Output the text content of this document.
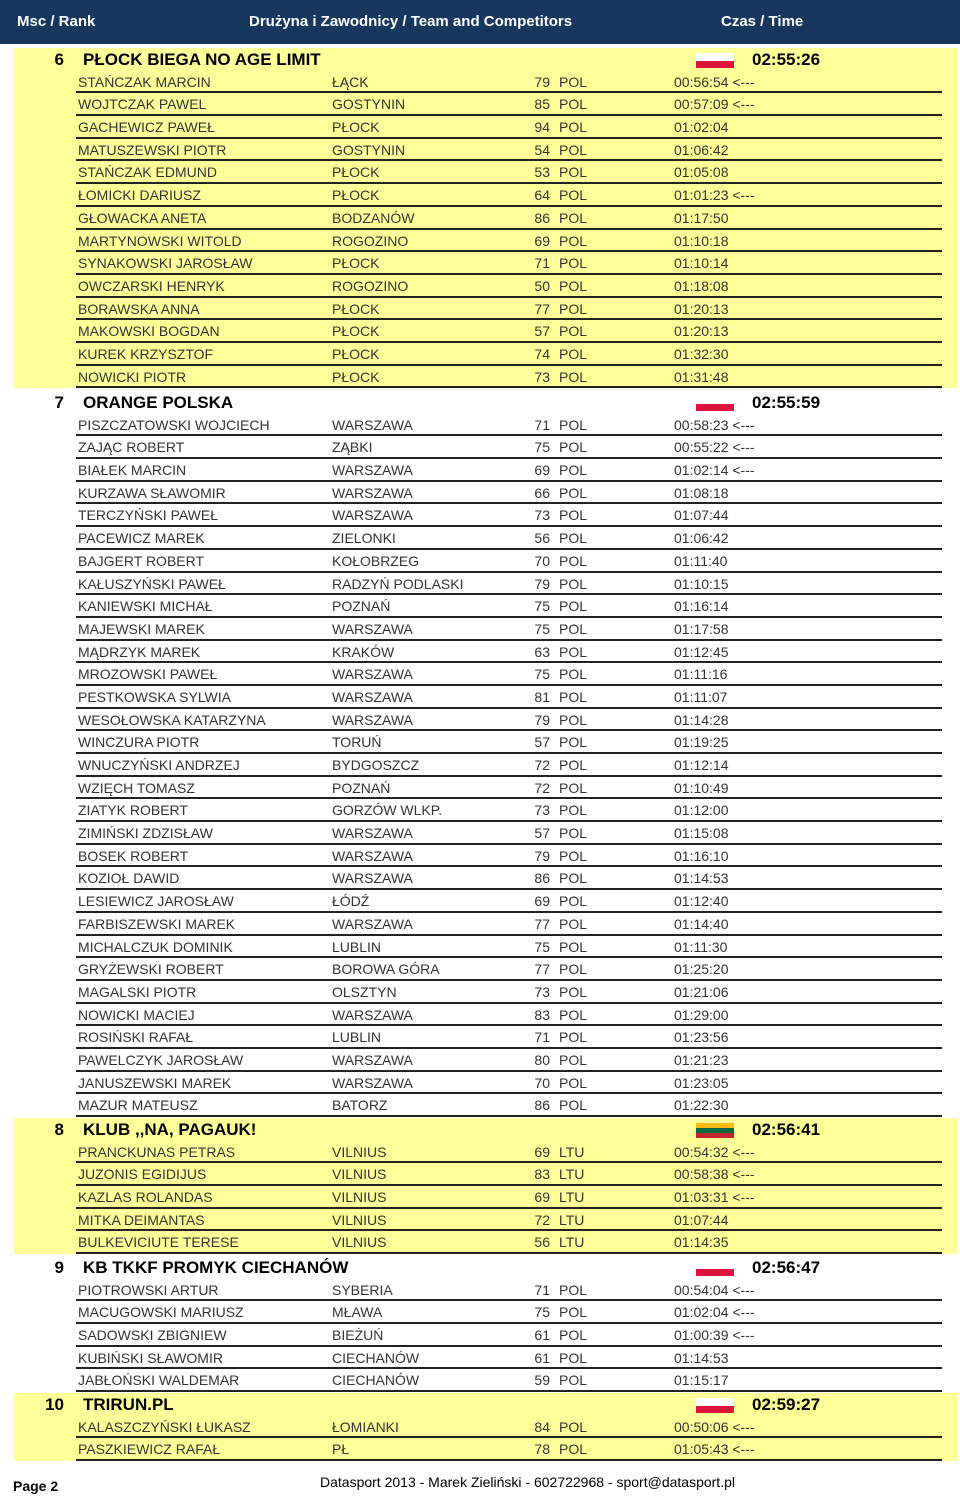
Msc / Rank	Drużyna i Zawodnicy / Team and Competitors	Czas / Time
6 PŁOCK BIEGA NO AGE LIMIT	02:55:26
STAŃCZAK MARCIN	ŁĄCK	79 POL	00:56:54 <---
WOJTCZAK PAWEL	GOSTYNIN	85 POL	00:57:09 <---
GACHEWICZ PAWEŁ	PŁOCK	94 POL	01:02:04
MATUSZEWSKI PIOTR	GOSTYNIN	54 POL	01:06:42
STAŃCZAK EDMUND	PŁOCK	53 POL	01:05:08
ŁOMICKI DARIUSZ	PŁOCK	64 POL	01:01:23 <---
GŁOWACKA ANETA	BODZANÓW	86 POL	01:17:50
MARTYNOWSKI WITOLD	ROGOZINO	69 POL	01:10:18
SYNAKOWSKI JAROSŁAW	PŁOCK	71 POL	01:10:14
OWCZARSKI HENRYK	ROGOZINO	50 POL	01:18:08
BORAWSKA ANNA	PŁOCK	77 POL	01:20:13
MAKOWSKI BOGDAN	PŁOCK	57 POL	01:20:13
KUREK KRZYSZTOF	PŁOCK	74 POL	01:32:30
NOWICKI PIOTR	PŁOCK	73 POL	01:31:48
7 ORANGE POLSKA	02:55:59
PISZCZATOWSKI WOJCIECH	WARSZAWA	71 POL	00:58:23 <---
ZAJĄC ROBERT	ZĄBKI	75 POL	00:55:22 <---
BIAŁEK MARCIN	WARSZAWA	69 POL	01:02:14 <---
KURZAWA SŁAWOMIR	WARSZAWA	66 POL	01:08:18
TERCZYŃSKI PAWEŁ	WARSZAWA	73 POL	01:07:44
PACEWICZ MAREK	ZIELONKI	56 POL	01:06:42
BAJGERT ROBERT	KOŁOBRZEG	70 POL	01:11:40
KAŁUSZYŃSKI PAWEŁ	RADZYŃ PODLASKI	79 POL	01:10:15
KANIEWSKI MICHAŁ	POZNAŃ	75 POL	01:16:14
MAJEWSKI MAREK	WARSZAWA	75 POL	01:17:58
MĄDRZYK MAREK	KRAKÓW	63 POL	01:12:45
MROZOWSKI PAWEŁ	WARSZAWA	75 POL	01:11:16
PESTKOWSKA SYLWIA	WARSZAWA	81 POL	01:11:07
WESOŁOWSKA KATARZYNA	WARSZAWA	79 POL	01:14:28
WINCZURA PIOTR	TORUŃ	57 POL	01:19:25
WNUCZYŃSKI ANDRZEJ	BYDGOSZCZ	72 POL	01:12:14
WZIĘCH TOMASZ	POZNAŃ	72 POL	01:10:49
ZIATYK ROBERT	GORZÓW WLKP.	73 POL	01:12:00
ZIMIŃSKI ZDZISŁAW	WARSZAWA	57 POL	01:15:08
BOSEK ROBERT	WARSZAWA	79 POL	01:16:10
KOZIOŁ DAWID	WARSZAWA	86 POL	01:14:53
LESIEWICZ JAROSŁAW	ŁÓDŹ	69 POL	01:12:40
FARBISZEWSKI MAREK	WARSZAWA	77 POL	01:14:40
MICHALCZUK DOMINIK	LUBLIN	75 POL	01:11:30
GRYŻEWSKI ROBERT	BOROWA GÓRA	77 POL	01:25:20
MAGALSKI PIOTR	OLSZTYN	73 POL	01:21:06
NOWICKI MACIEJ	WARSZAWA	83 POL	01:29:00
ROSIŃSKI RAFAŁ	LUBLIN	71 POL	01:23:56
PAWELCZYK JAROSŁAW	WARSZAWA	80 POL	01:21:23
JANUSZEWSKI MAREK	WARSZAWA	70 POL	01:23:05
MAZUR MATEUSZ	BATORZ	86 POL	01:22:30
8 KLUB ,,NA, PAGAUK!	02:56:41
PRANCKUNAS PETRAS	VILNIUS	69 LTU	00:54:32 <---
JUZONIS EGIDIJUS	VILNIUS	83 LTU	00:58:38 <---
KAZLAS ROLANDAS	VILNIUS	69 LTU	01:03:31 <---
MITKA DEIMANTAS	VILNIUS	72 LTU	01:07:44
BULKEVICIUTE TERESE	VILNIUS	56 LTU	01:14:35
9 KB TKKF PROMYK CIECHANÓW	02:56:47
PIOTROWSKI ARTUR	SYBERIA	71 POL	00:54:04 <---
MACUGOWSKI MARIUSZ	MŁAWA	75 POL	01:02:04 <---
SADOWSKI ZBIGNIEW	BIEŻUŃ	61 POL	01:00:39 <---
KUBIŃSKI SŁAWOMIR	CIECHANÓW	61 POL	01:14:53
JABŁOŃSKI WALDEMAR	CIECHANÓW	59 POL	01:15:17
10 TRIRUN.PL	02:59:27
KALASZCZYŃSKI ŁUKASZ	ŁOMIANKI	84 POL	00:50:06 <---
PASZKIEWICZ RAFAŁ	PŁ	78 POL	01:05:43 <---
Page 2	Datasport 2013 - Marek Zieliński - 602722968 - sport@datasport.pl
